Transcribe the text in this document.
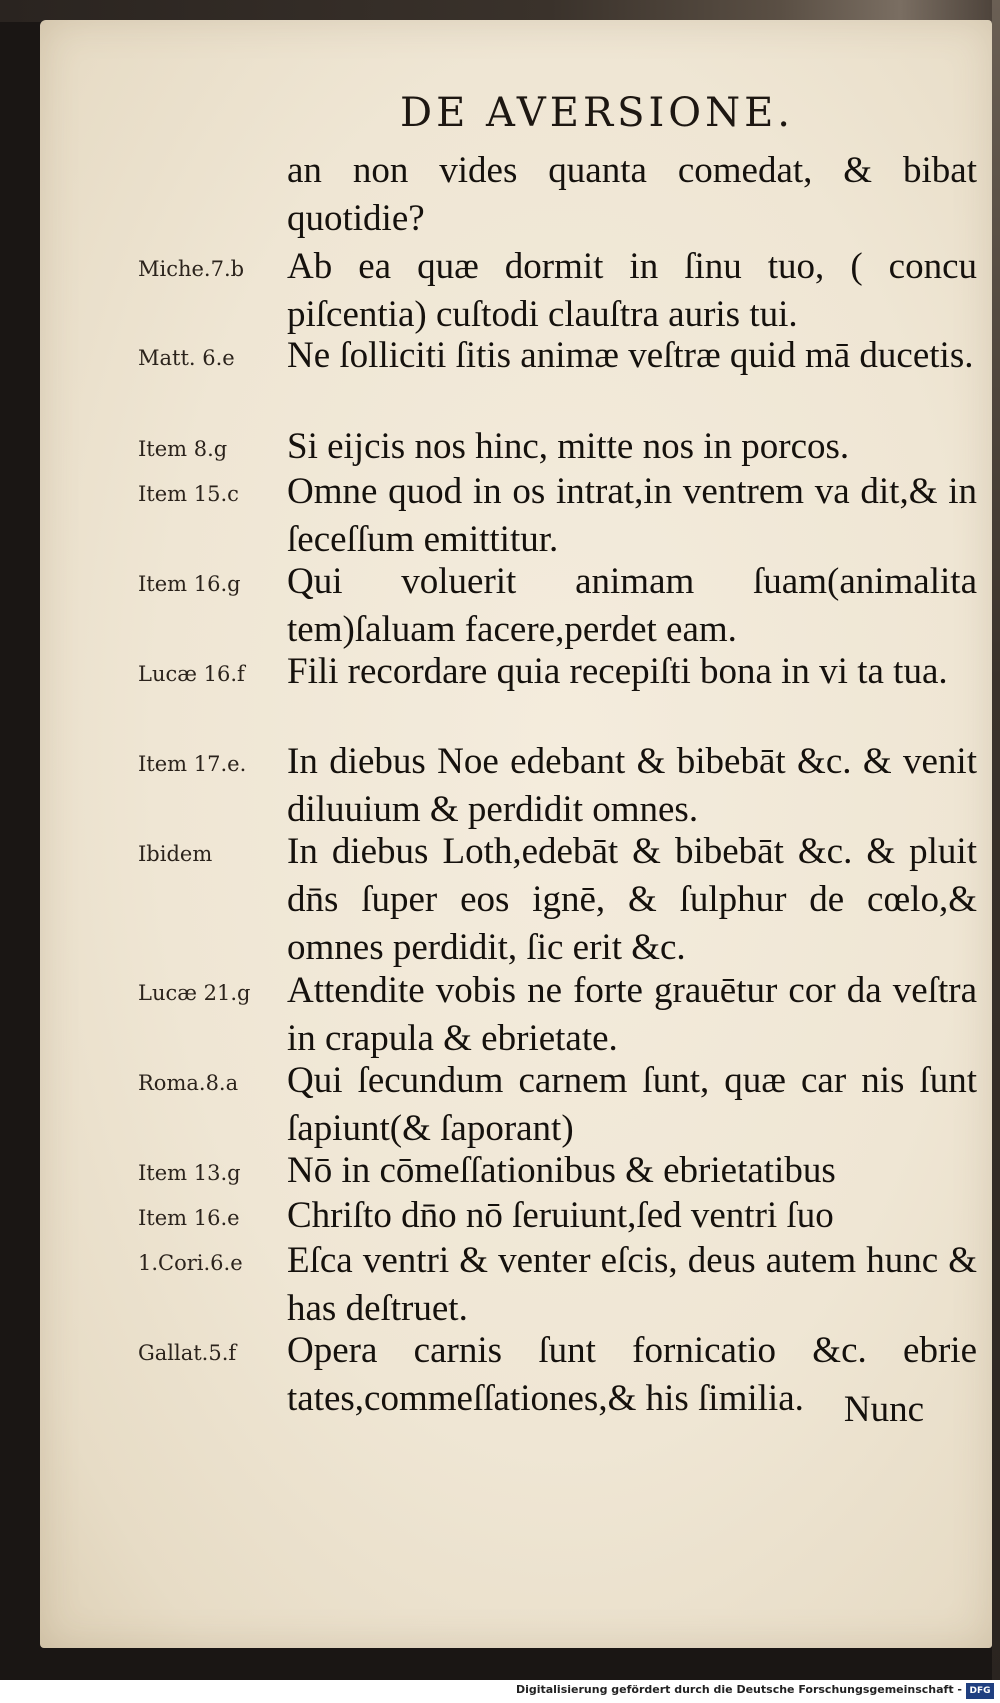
DE AVERSIONE.

an non vides quanta comedat, & bibat quotidie?

Miche.7.b	Ab ea quæ dormit in ſinu tuo, ( concu piſcentia) cuſtodi clauſtra auris tui.

Matt. 6.e	Ne ſolliciti ſitis animæ veſtræ quid mā ducetis.

Item 8.g	Si eijcis nos hinc, mitte nos in porcos.

Item 15.c	Omne quod in os intrat,in ventrem va dit,& in ſeceſſum emittitur.

Item 16.g	Qui voluerit animam ſuam(animalita tem)ſaluam facere,perdet eam.

Lucæ 16.f	Fili recordare quia recepiſti bona in vi ta tua.

Item 17.e.	In diebus Noe edebant & bibebāt &c. & venit diluuium & perdidit omnes.

Ibidem	In diebus Loth,edebāt & bibebāt &c. & pluit dn̄s ſuper eos ignē, & ſulphur de cœlo,& omnes perdidit, ſic erit &c.

Lucæ 21.g Attendite vobis ne forte grauētur cor da veſtra in crapula & ebrietate.

Roma.8.a	Qui ſecundum carnem ſunt, quæ car nis ſunt ſapiunt(& ſaporant)

Item 13.g	Nō in cōmeſſationibus & ebrietatibus

Item 16.e	Chriſto dn̄o nō ſeruiunt,ſed ventri ſuo

1.Cori.6.e	Eſca ventri & venter eſcis, deus autem hunc & has deſtruet.

Gallat.5.f	Opera carnis ſunt fornicatio &c. ebrie tates,commeſſationes,& his ſimilia.	Nunc
Digitalisierung gefördert durch die Deutsche Forschungsgemeinschaft - DFG
